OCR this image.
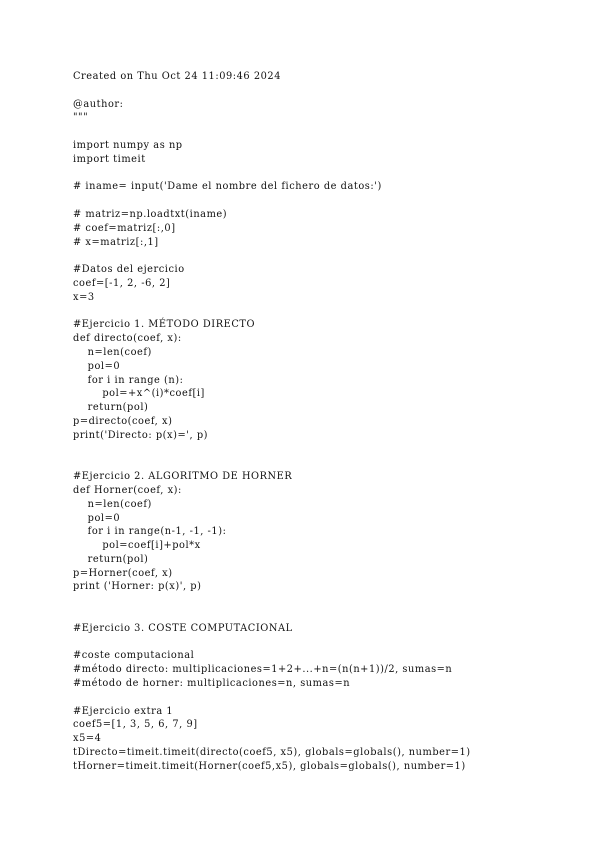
Created on Thu Oct 24 11:09:46 2024
@author:
"""
import numpy as np
import timeit
# iname= input('Dame el nombre del fichero de datos:')
# matriz=np.loadtxt(iname)
# coef=matriz[:,0]
# x=matriz[:,1]
#Datos del ejercicio
coef=[-1, 2, -6, 2]
x=3
#Ejercicio 1. MÉTODO DIRECTO
def directo(coef, x):
n=len(coef)
pol=0
for i in range (n):
pol=+x^(i)*coef[i]
return(pol)
p=directo(coef, x)
print('Directo: p(x)=', p)
#Ejercicio 2. ALGORITMO DE HORNER
def Horner(coef, x):
n=len(coef)
pol=0
for i in range(n-1, -1, -1):
pol=coef[i]+pol*x
return(pol)
p=Horner(coef, x)
print ('Horner: p(x)', p)
#Ejercicio 3. COSTE COMPUTACIONAL
#coste computacional
#método directo: multiplicaciones=1+2+...+n=(n(n+1))/2, sumas=n
#método de horner: multiplicaciones=n, sumas=n
#Ejercicio extra 1
coef5=[1, 3, 5, 6, 7, 9]
x5=4
tDirecto=timeit.timeit(directo(coef5, x5), globals=globals(), number=1)
tHorner=timeit.timeit(Horner(coef5,x5), globals=globals(), number=1)
